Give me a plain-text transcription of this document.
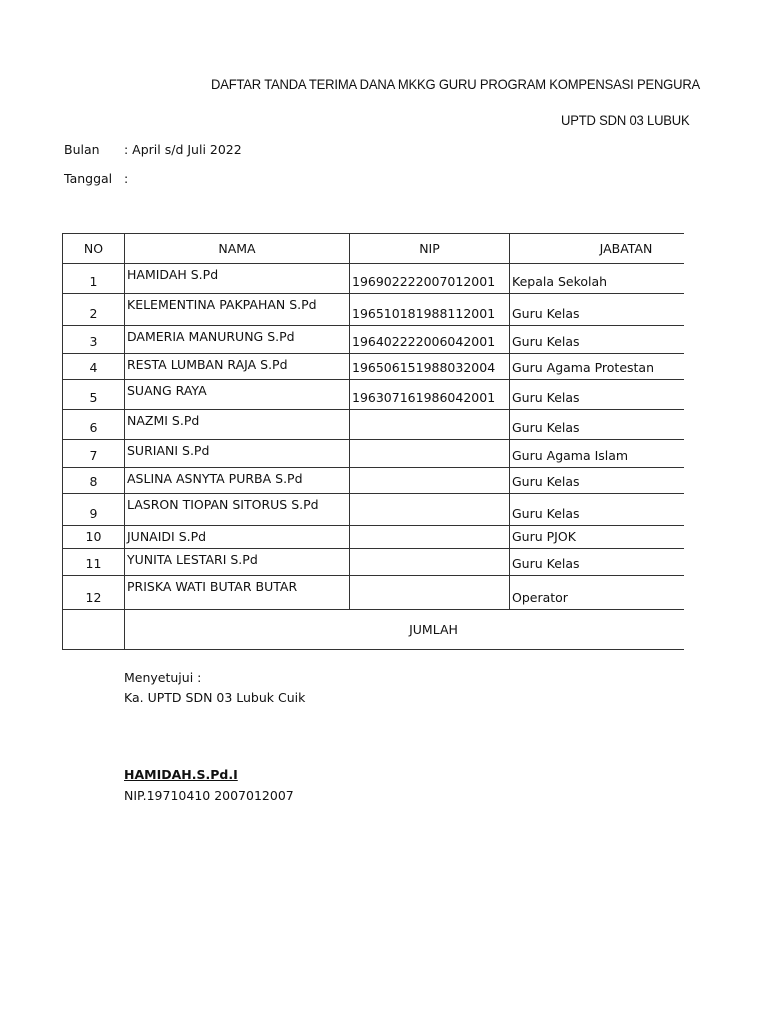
DAFTAR TANDA TERIMA DANA MKKG GURU PROGRAM KOMPENSASI PENGURA
UPTD SDN 03 LUBUK
Bulan : April s/d Juli 2022
Tanggal :
NO	NAMA	NIP	JABATAN
1	HAMIDAH S.Pd	196902222007012001	Kepala Sekolah
2	KELEMENTINA PAKPAHAN S.Pd	196510181988112001	Guru Kelas
3	DAMERIA MANURUNG S.Pd	196402222006042001	Guru Kelas
4	RESTA LUMBAN RAJA S.Pd	196506151988032004	Guru Agama Protestan
5	SUANG RAYA	196307161986042001	Guru Kelas
6	NAZMI S.Pd		Guru Kelas
7	SURIANI S.Pd		Guru Agama Islam
8	ASLINA ASNYTA PURBA S.Pd		Guru Kelas
9	LASRON TIOPAN SITORUS S.Pd		Guru Kelas
10	JUNAIDI S.Pd		Guru PJOK
11	YUNITA LESTARI S.Pd		Guru Kelas
12	PRISKA WATI BUTAR BUTAR		Operator
	JUMLAH		
Menyetujui :
Ka. UPTD SDN 03 Lubuk Cuik
HAMIDAH.S.Pd.I
NIP.19710410 2007012007
